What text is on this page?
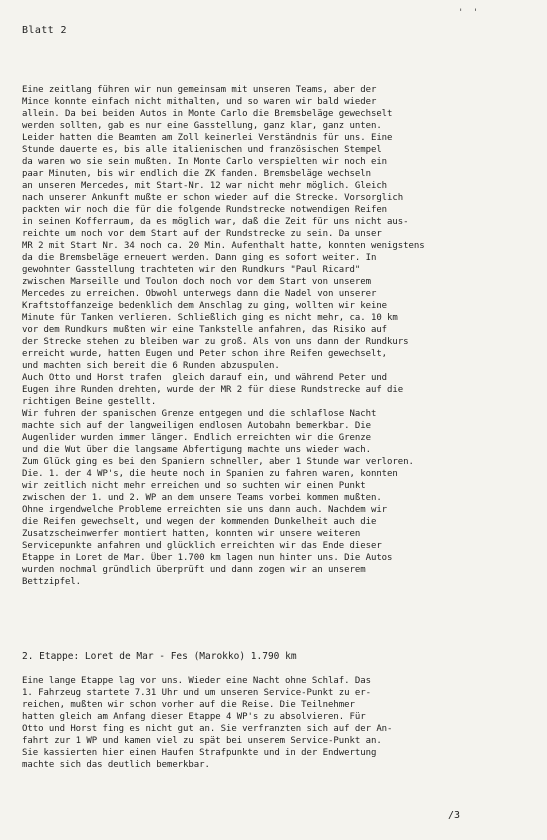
' '
Blatt 2
Eine zeitlang führen wir nun gemeinsam mit unseren Teams, aber der
Mince konnte einfach nicht mithalten, und so waren wir bald wieder
allein. Da bei beiden Autos in Monte Carlo die Bremsbeläge gewechselt
werden sollten, gab es nur eine Gasstellung, ganz klar, ganz unten.
Leider hatten die Beamten am Zoll keinerlei Verständnis für uns. Eine
Stunde dauerte es, bis alle italienischen und französischen Stempel
da waren wo sie sein mußten. In Monte Carlo verspielten wir noch ein
paar Minuten, bis wir endlich die ZK fanden. Bremsbeläge wechseln
an unseren Mercedes, mit Start-Nr. 12 war nicht mehr möglich. Gleich
nach unserer Ankunft mußte er schon wieder auf die Strecke. Vorsorglich
packten wir noch die für die folgende Rundstrecke notwendigen Reifen
in seinen Kofferraum, da es möglich war, daß die Zeit für uns nicht aus-
reichte um noch vor dem Start auf der Rundstrecke zu sein. Da unser
MR 2 mit Start Nr. 34 noch ca. 20 Min. Aufenthalt hatte, konnten wenigstens
da die Bremsbeläge erneuert werden. Dann ging es sofort weiter. In
gewohnter Gasstellung trachteten wir den Rundkurs "Paul Ricard"
zwischen Marseille und Toulon doch noch vor dem Start von unserem
Mercedes zu erreichen. Obwohl unterwegs dann die Nadel von unserer
Kraftstoffanzeige bedenklich dem Anschlag zu ging, wollten wir keine
Minute für Tanken verlieren. Schließlich ging es nicht mehr, ca. 10 km
vor dem Rundkurs mußten wir eine Tankstelle anfahren, das Risiko auf
der Strecke stehen zu bleiben war zu groß. Als von uns dann der Rundkurs
erreicht wurde, hatten Eugen und Peter schon ihre Reifen gewechselt,
und machten sich bereit die 6 Runden abzuspulen.
Auch Otto und Horst trafen  gleich darauf ein, und während Peter und
Eugen ihre Runden drehten, wurde der MR 2 für diese Rundstrecke auf die
richtigen Beine gestellt.
Wir fuhren der spanischen Grenze entgegen und die schlaflose Nacht
machte sich auf der langweiligen endlosen Autobahn bemerkbar. Die
Augenlider wurden immer länger. Endlich erreichten wir die Grenze
und die Wut über die langsame Abfertigung machte uns wieder wach.
Zum Glück ging es bei den Spaniern schneller, aber 1 Stunde war verloren.
Die. 1. der 4 WP's, die heute noch in Spanien zu fahren waren, konnten
wir zeitlich nicht mehr erreichen und so suchten wir einen Punkt
zwischen der 1. und 2. WP an dem unsere Teams vorbei kommen mußten.
Ohne irgendwelche Probleme erreichten sie uns dann auch. Nachdem wir
die Reifen gewechselt, und wegen der kommenden Dunkelheit auch die
Zusatzscheinwerfer montiert hatten, konnten wir unsere weiteren
Servicepunkte anfahren und glücklich erreichten wir das Ende dieser
Etappe in Loret de Mar. Über 1.700 km lagen nun hinter uns. Die Autos
wurden nochmal gründlich überprüft und dann zogen wir an unserem
Bettzipfel.
2. Etappe: Loret de Mar - Fes (Marokko) 1.790 km
Eine lange Etappe lag vor uns. Wieder eine Nacht ohne Schlaf. Das
1. Fahrzeug startete 7.31 Uhr und um unseren Service-Punkt zu er-
reichen, mußten wir schon vorher auf die Reise. Die Teilnehmer
hatten gleich am Anfang dieser Etappe 4 WP's zu absolvieren. Für
Otto und Horst fing es nicht gut an. Sie verfranzten sich auf der An-
fahrt zur 1 WP und kamen viel zu spät bei unserem Service-Punkt an.
Sie kassierten hier einen Haufen Strafpunkte und in der Endwertung
machte sich das deutlich bemerkbar.
/3
